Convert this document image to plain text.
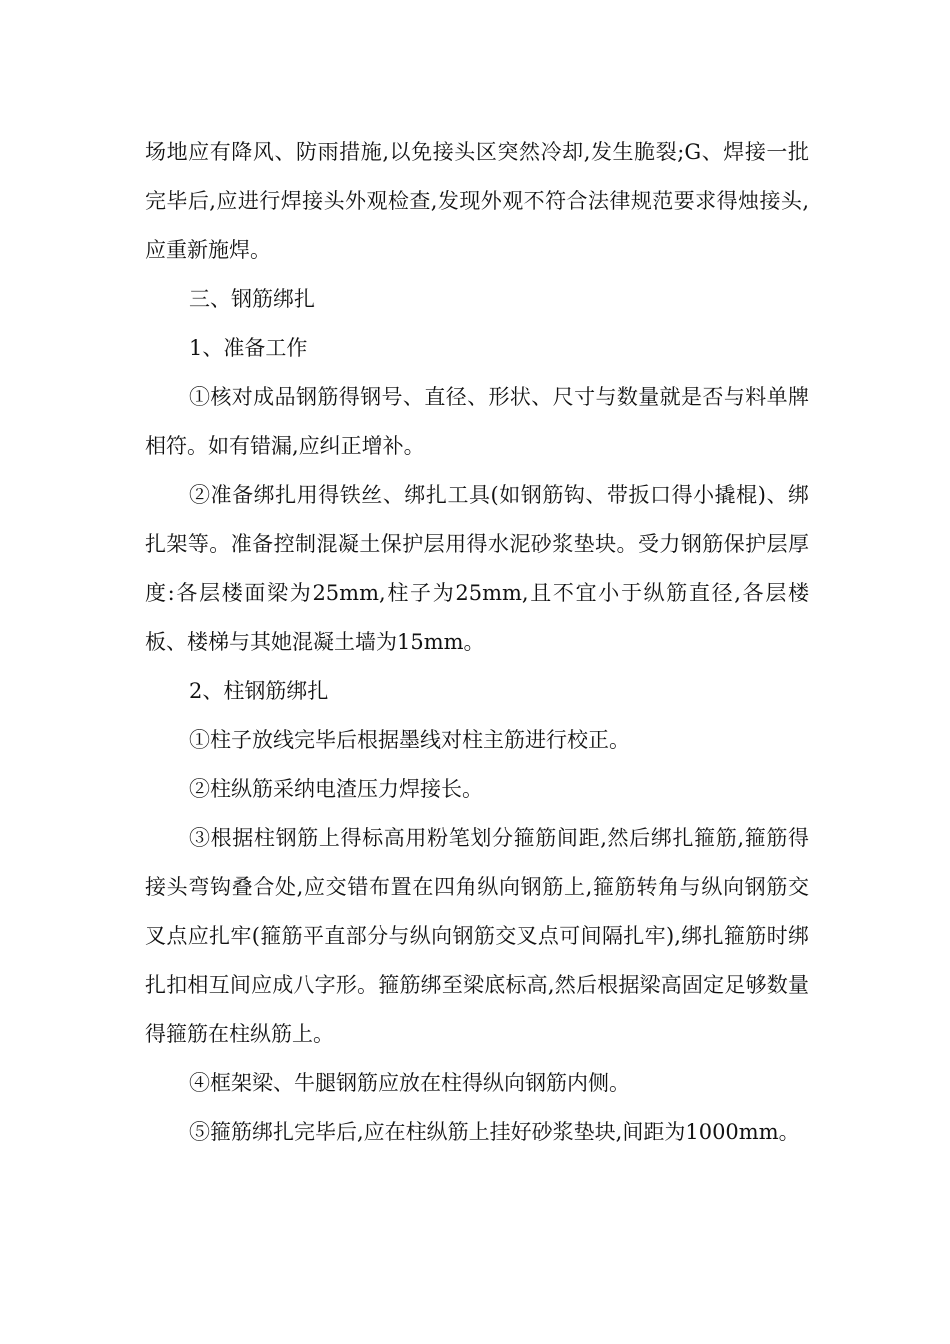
场地应有降风、防雨措施,以免接头区突然冷却,发生脆裂;G、焊接一批完毕后,应进行焊接头外观检查,发现外观不符合法律规范要求得烛接头,应重新施焊。

三、钢筋绑扎

1、准备工作

①核对成品钢筋得钢号、直径、形状、尺寸与数量就是否与料单牌相符。如有错漏,应纠正增补。

②准备绑扎用得铁丝、绑扎工具(如钢筋钩、带扳口得小撬棍)、绑扎架等。准备控制混凝土保护层用得水泥砂浆垫块。受力钢筋保护层厚度:各层楼面梁为25mm,柱子为25mm,且不宜小于纵筋直径,各层楼板、楼梯与其她混凝土墙为15mm。

2、柱钢筋绑扎

①柱子放线完毕后根据墨线对柱主筋进行校正。

②柱纵筋采纳电渣压力焊接长。

③根据柱钢筋上得标高用粉笔划分箍筋间距,然后绑扎箍筋,箍筋得接头弯钩叠合处,应交错布置在四角纵向钢筋上,箍筋转角与纵向钢筋交叉点应扎牢(箍筋平直部分与纵向钢筋交叉点可间隔扎牢),绑扎箍筋时绑扎扣相互间应成八字形。箍筋绑至梁底标高,然后根据梁高固定足够数量得箍筋在柱纵筋上。

④框架梁、牛腿钢筋应放在柱得纵向钢筋内侧。

⑤箍筋绑扎完毕后,应在柱纵筋上挂好砂浆垫块,间距为1000mm。
